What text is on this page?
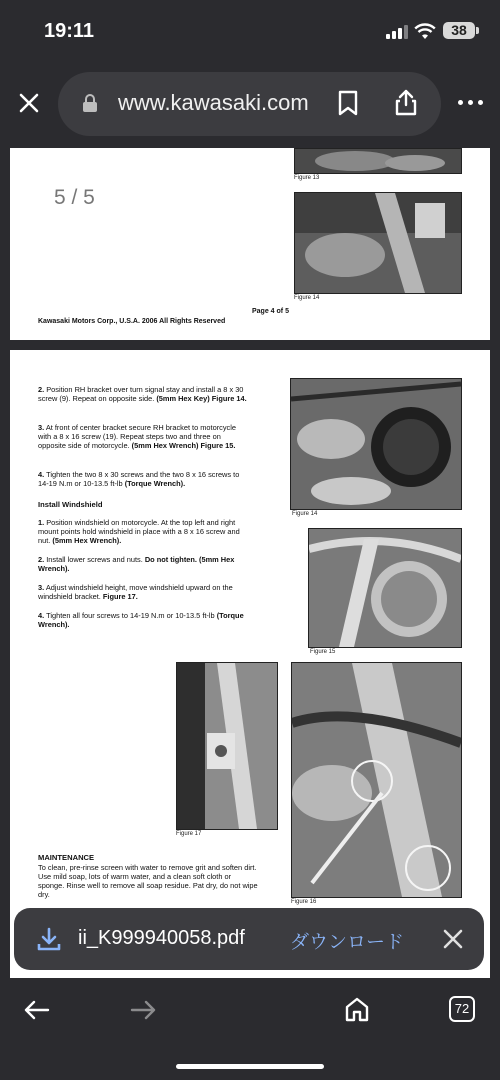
19:11	38
www.kawasaki.com
5 / 5
Figure 13
Figure 14
Page 4 of 5
Kawasaki Motors Corp., U.S.A. 2006 All Rights Reserved
2. Position RH bracket over turn signal stay and install a 8 x 30 screw (9). Repeat on opposite side. (5mm Hex Key) Figure 14.
3. At front of center bracket secure RH bracket to motorcycle with a 8 x 16 screw (19). Repeat steps two and three on opposite side of motorcycle. (5mm Hex Wrench) Figure 15.
4. Tighten the two 8 x 30 screws and the two 8 x 16 screws to 14-19 N.m or 10-13.5 ft-lb (Torque Wrench).
Install Windshield
1. Position windshield on motorcycle. At the top left and right mount points hold windshield in place with a 8 x 16 screw and nut. (5mm Hex Wrench).
2. Install lower screws and nuts. Do not tighten. (5mm Hex Wrench).
3. Adjust windshield height, move windshield upward on the windshield bracket. Figure 17.
4. Tighten all four screws to 14-19 N.m or 10-13.5 ft-lb (Torque Wrench).
Figure 14
Figure 15
Figure 17
Figure 16
MAINTENANCE
To clean, pre-rinse screen with water to remove grit and soften dirt. Use mild soap, lots of warm water, and a clean soft cloth or sponge. Rinse well to remove all soap residue. Pat dry, do not wipe dry.
ii_K999940058.pdf ダウンロード
72
